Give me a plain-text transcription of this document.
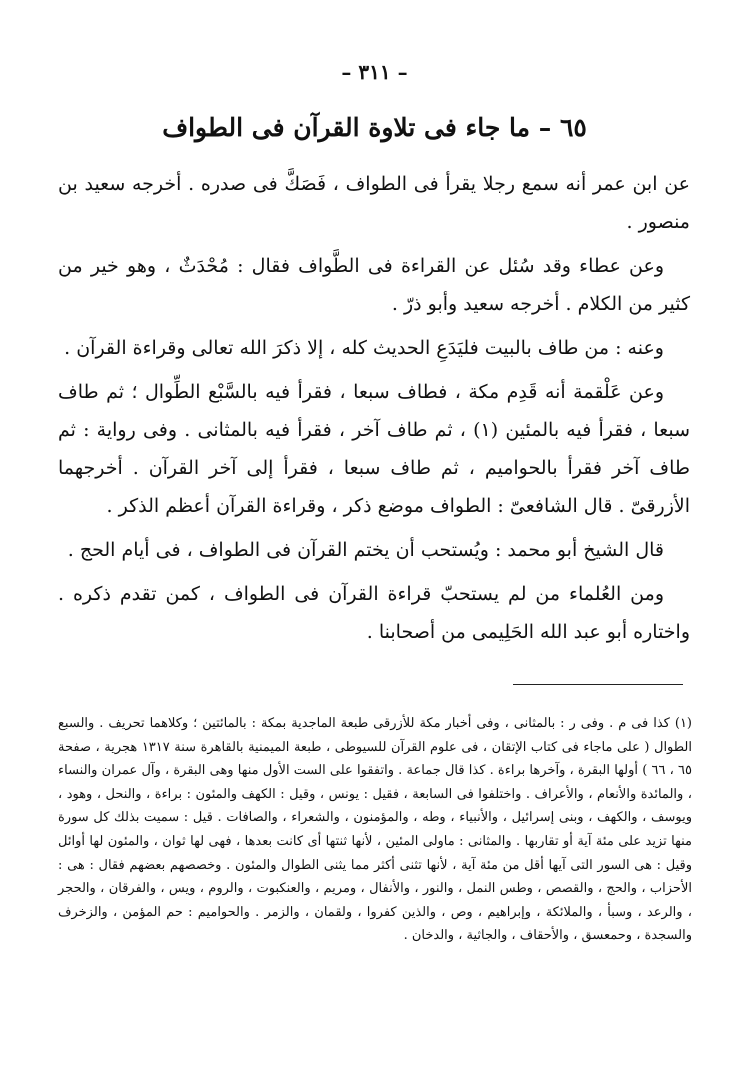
– ٣١١ –
٦٥ – ما جاء فى تلاوة القرآن فى الطواف

عن ابن عمر أنه سمع رجلا يقرأ فى الطواف ، فَصَكَّ فى صدره . أخرجه سعيد بن منصور .

وعن عطاء وقد سُئل عن القراءة فى الطَّواف فقال : مُحْدَثٌ ، وهو خير من كثير من الكلام . أخرجه سعيد وأبو ذرّ .

وعنه : من طاف بالبيت فليَدَعِ الحديث كله ، إلا ذكرَ الله تعالى وقراءة القرآن .

وعن عَلْقمة أنه قَدِم مكة ، فطاف سبعا ، فقرأ فيه بالسَّبْع الطِّوال ؛ ثم طاف سبعا ، فقرأ فيه بالمئين (١) ، ثم طاف آخر ، فقرأ فيه بالمثانى . وفى رواية : ثم طاف آخر فقرأ بالحواميم ، ثم طاف سبعا ، فقرأ إلى آخر القرآن . أخرجهما الأزرقىّ . قال الشافعىّ : الطواف موضع ذكر ، وقراءة القرآن أعظم الذكر .

قال الشيخ أبو محمد : ويُستحب أن يختم القرآن فى الطواف ، فى أيام الحج .

ومن العُلماء من لم يستحبّ قراءة القرآن فى الطواف ، كمن تقدم ذكره . واختاره أبو عبد الله الحَلِيمى من أصحابنا .

(١) كذا فى م . وفى ر : بالمثانى ، وفى أخبار مكة للأزرقى طبعة الماجدية بمكة : بالمائتين ؛ وكلاهما تحريف . والسبع الطوال ( على ماجاء فى كتاب الإتقان ، فى علوم القرآن للسيوطى ، طبعة الميمنية بالقاهرة سنة ١٣١٧ هجرية ، صفحة ٦٥ ، ٦٦ ) أولها البقرة ، وآخرها براءة . كذا قال جماعة . واتفقوا على الست الأول منها وهى البقرة ، وآل عمران والنساء ، والمائدة والأنعام ، والأعراف . واختلفوا فى السابعة ، فقيل : يونس ، وقيل : الكهف والمئون : براءة ، والنحل ، وهود ، ويوسف ، والكهف ، وبنى إسرائيل ، والأنبياء ، وطه ، والمؤمنون ، والشعراء ، والصافات . قيل : سميت بذلك كل سورة منها تزيد على مئة آية أو تقاربها . والمثانى : ماولى المئين ، لأنها ثنتها أى كانت بعدها ، فهى لها ثوان ، والمئون لها أوائل وقيل : هى السور التى آيها أقل من مئة آية ، لأنها تثنى أكثر مما يثنى الطوال والمئون . وخصصهم بعضهم فقال : هى : الأحزاب ، والحج ، والقصص ، وطس النمل ، والنور ، والأنفال ، ومريم ، والعنكبوت ، والروم ، ويس ، والفرقان ، والحجر ، والرعد ، وسبأ ، والملائكة ، وإبراهيم ، وص ، والذين كفروا ، ولقمان ، والزمر . والحواميم : حم المؤمن ، والزخرف والسجدة ، وحمعسق ، والأحقاف ، والجاثية ، والدخان .
